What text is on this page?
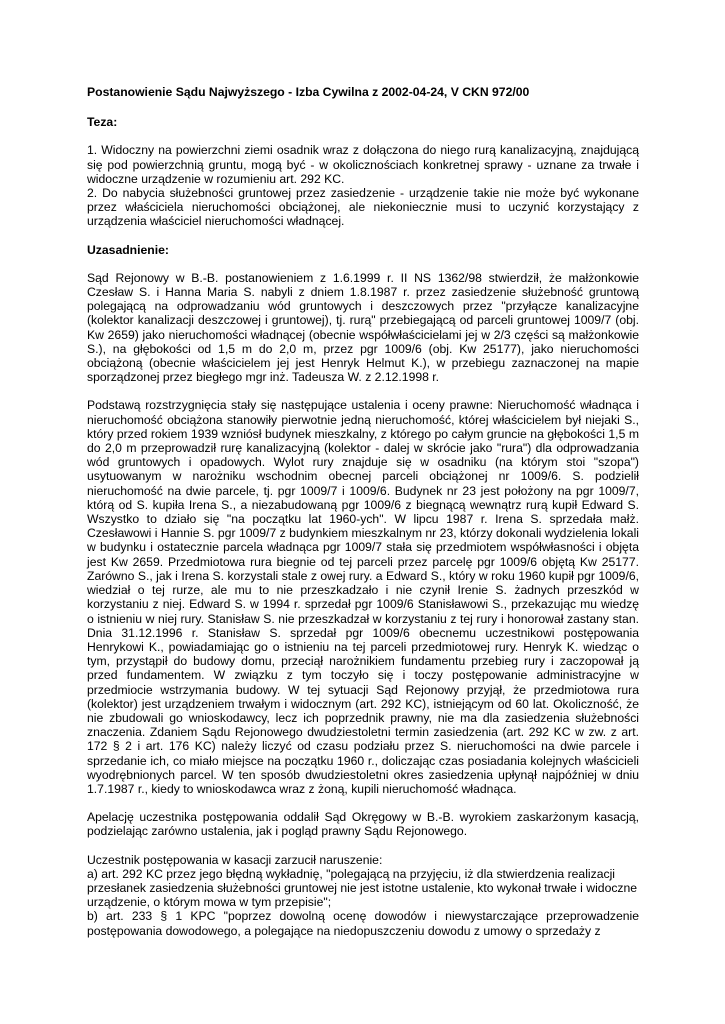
Postanowienie Sądu Najwyższego - Izba Cywilna z 2002-04-24, V CKN 972/00

Teza:

1. Widoczny na powierzchni ziemi osadnik wraz z dołączona do niego rurą kanalizacyjną, znajdującą się pod powierzchnią gruntu, mogą być - w okolicznościach konkretnej sprawy - uznane za trwałe i widoczne urządzenie w rozumieniu art. 292 KC.
2. Do nabycia służebności gruntowej przez zasiedzenie - urządzenie takie nie może być wykonane przez właściciela nieruchomości obciążonej, ale niekoniecznie musi to uczynić korzystający z urządzenia właściciel nieruchomości władnącej.

Uzasadnienie:

Sąd Rejonowy w B.-B. postanowieniem z 1.6.1999 r. II NS 1362/98 stwierdził, że małżonkowie Czesław S. i Hanna Maria S. nabyli z dniem 1.8.1987 r. przez zasiedzenie służebność gruntową polegającą na odprowadzaniu wód gruntowych i deszczowych przez "przyłącze kanalizacyjne (kolektor kanalizacji deszczowej i gruntowej), tj. rurą" przebiegającą od parceli gruntowej 1009/7 (obj. Kw 2659) jako nieruchomości władnącej (obecnie współwłaścicielami jej w 2/3 części są małżonkowie S.), na głębokości od 1,5 m do 2,0 m, przez pgr 1009/6 (obj. Kw 25177), jako nieruchomości obciążoną (obecnie właścicielem jej jest Henryk Helmut K.), w przebiegu zaznaczonej na mapie sporządzonej przez biegłego mgr inż. Tadeusza W. z 2.12.1998 r.

Podstawą rozstrzygnięcia stały się następujące ustalenia i oceny prawne: Nieruchomość władnąca i nieruchomość obciążona stanowiły pierwotnie jedną nieruchomość, której właścicielem był niejaki S., który przed rokiem 1939 wzniósł budynek mieszkalny, z którego po całym gruncie na głębokości 1,5 m do 2,0 m przeprowadził rurę kanalizacyjną (kolektor - dalej w skrócie jako "rura") dla odprowadzania wód gruntowych i opadowych. Wylot rury znajduje się w osadniku (na którym stoi "szopa") usytuowanym w narożniku wschodnim obecnej parceli obciążonej nr 1009/6. S. podzielił nieruchomość na dwie parcele, tj. pgr 1009/7 i 1009/6. Budynek nr 23 jest położony na pgr 1009/7, którą od S. kupiła Irena S., a niezabudowaną pgr 1009/6 z biegnącą wewnątrz rurą kupił Edward S. Wszystko to działo się "na początku lat 1960-ych". W lipcu 1987 r. Irena S. sprzedała małż. Czesławowi i Hannie S. pgr 1009/7 z budynkiem mieszkalnym nr 23, którzy dokonali wydzielenia lokali w budynku i ostatecznie parcela władnąca pgr 1009/7 stała się przedmiotem współwłasności i objęta jest Kw 2659. Przedmiotowa rura biegnie od tej parceli przez parcelę pgr 1009/6 objętą Kw 25177. Zarówno S., jak i Irena S. korzystali stale z owej rury. a Edward S., który w roku 1960 kupił pgr 1009/6, wiedział o tej rurze, ale mu to nie przeszkadzało i nie czynił Irenie S. żadnych przeszkód w korzystaniu z niej. Edward S. w 1994 r. sprzedał pgr 1009/6 Stanisławowi S., przekazując mu wiedzę o istnieniu w niej rury. Stanisław S. nie przeszkadzał w korzystaniu z tej rury i honorował zastany stan. Dnia 31.12.1996 r. Stanisław S. sprzedał pgr 1009/6 obecnemu uczestnikowi postępowania Henrykowi K., powiadamiając go o istnieniu na tej parceli przedmiotowej rury. Henryk K. wiedząc o tym, przystąpił do budowy domu, przeciął narożnikiem fundamentu przebieg rury i zaczopował ją przed fundamentem. W związku z tym toczyło się i toczy postępowanie administracyjne w przedmiocie wstrzymania budowy. W tej sytuacji Sąd Rejonowy przyjął, że przedmiotowa rura (kolektor) jest urządzeniem trwałym i widocznym (art. 292 KC), istniejącym od 60 lat. Okoliczność, że nie zbudowali go wnioskodawcy, lecz ich poprzednik prawny, nie ma dla zasiedzenia służebności znaczenia. Zdaniem Sądu Rejonowego dwudziestoletni termin zasiedzenia (art. 292 KC w zw. z art. 172 § 2 i art. 176 KC) należy liczyć od czasu podziału przez S. nieruchomości na dwie parcele i sprzedanie ich, co miało miejsce na początku 1960 r., doliczając czas posiadania kolejnych właścicieli wyodrębnionych parcel. W ten sposób dwudziestoletni okres zasiedzenia upłynął najpóźniej w dniu 1.7.1987 r., kiedy to wnioskodawca wraz z żoną, kupili nieruchomość władnąca.

Apelację uczestnika postępowania oddalił Sąd Okręgowy w B.-B. wyrokiem zaskarżonym kasacją, podzielając zarówno ustalenia, jak i pogląd prawny Sądu Rejonowego.

Uczestnik postępowania w kasacji zarzucił naruszenie:
a) art. 292 KC przez jego błędną wykładnię, "polegającą na przyjęciu, iż dla stwierdzenia realizacji
przesłanek zasiedzenia służebności gruntowej nie jest istotne ustalenie, kto wykonał trwałe i widoczne
urządzenie, o którym mowa w tym przepisie";
b) art. 233 § 1 KPC "poprzez dowolną ocenę dowodów i niewystarczające przeprowadzenie postępowania dowodowego, a polegające na niedopuszczeniu dowodu z umowy o sprzedaży z
